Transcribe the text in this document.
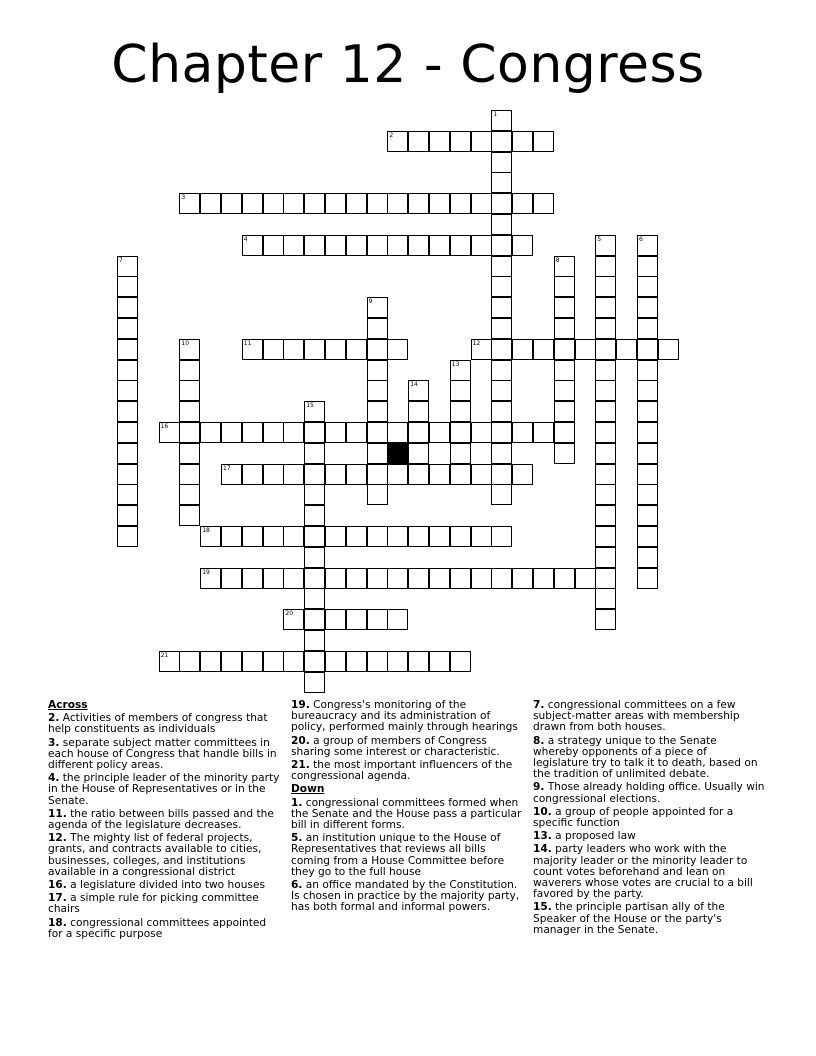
Chapter 12 - Congress
1
2
3
4	5	6
7	8
9
10	11	12
13
14
15
16
17
18
19
20
21
Across
2. Activities of members of congress that help constituents as individuals
3. separate subject matter committees in each house of Congress that handle bills in different policy areas.
4. the principle leader of the minority party in the House of Representatives or in the Senate.
11. the ratio between bills passed and the agenda of the legislature decreases.
12. The mighty list of federal projects, grants, and contracts available to cities, businesses, colleges, and institutions available in a congressional district
16. a legislature divided into two houses
17. a simple rule for picking committee chairs
18. congressional committees appointed for a specific purpose
19. Congress's monitoring of the bureaucracy and its administration of policy, performed mainly through hearings
20. a group of members of Congress sharing some interest or characteristic.
21. the most important influencers of the congressional agenda.
Down
1. congressional committees formed when the Senate and the House pass a particular bill in different forms.
5. an institution unique to the House of Representatives that reviews all bills coming from a House Committee before they go to the full house
6. an office mandated by the Constitution. Is chosen in practice by the majority party, has both formal and informal powers.
7. congressional committees on a few subject-matter areas with membership drawn from both houses.
8. a strategy unique to the Senate whereby opponents of a piece of legislature try to talk it to death, based on the tradition of unlimited debate.
9. Those already holding office. Usually win congressional elections.
10. a group of people appointed for a specific function
13. a proposed law
14. party leaders who work with the majority leader or the minority leader to count votes beforehand and lean on waverers whose votes are crucial to a bill favored by the party.
15. the principle partisan ally of the Speaker of the House or the party's manager in the Senate.
